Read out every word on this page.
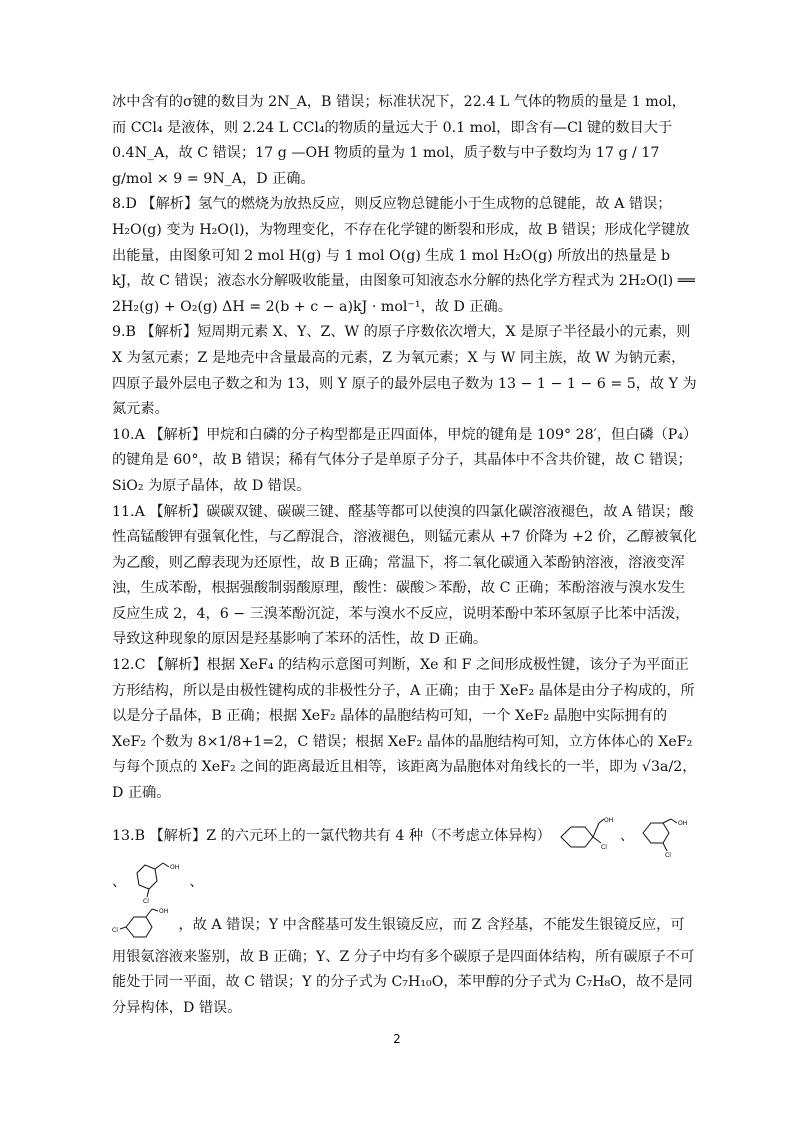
冰中含有的σ键的数目为 2N_A，B 错误；标准状况下，22.4 L 气体的物质的量是 1 mol，而 CCl₄ 是液体，则 2.24 L CCl₄的物质的量远大于 0.1 mol，即含有—Cl 键的数目大于 0.4N_A，故 C 错误；17 g —OH 物质的量为 1 mol，质子数与中子数均为 17 g / 17 g/mol × 9 = 9N_A，D 正确。

8.D 【解析】氢气的燃烧为放热反应，则反应物总键能小于生成物的总键能，故 A 错误；H₂O(g) 变为 H₂O(l)，为物理变化，不存在化学键的断裂和形成，故 B 错误；形成化学键放出能量，由图象可知 2 mol H(g) 与 1 mol O(g) 生成 1 mol H₂O(g) 所放出的热量是 b kJ，故 C 错误；液态水分解吸收能量，由图象可知液态水分解的热化学方程式为 2H₂O(l) ══ 2H₂(g) + O₂(g) ΔH = 2(b + c − a)kJ · mol⁻¹，故 D 正确。

9.B 【解析】短周期元素 X、Y、Z、W 的原子序数依次增大，X 是原子半径最小的元素，则 X 为氢元素；Z 是地壳中含量最高的元素，Z 为氧元素；X 与 W 同主族，故 W 为钠元素，四原子最外层电子数之和为 13，则 Y 原子的最外层电子数为 13 − 1 − 1 − 6 = 5，故 Y 为氮元素。

10.A 【解析】甲烷和白磷的分子构型都是正四面体，甲烷的键角是 109° 28′，但白磷（P₄）的键角是 60°，故 B 错误；稀有气体分子是单原子分子，其晶体中不含共价键，故 C 错误；SiO₂ 为原子晶体，故 D 错误。

11.A 【解析】碳碳双键、碳碳三键、醛基等都可以使溴的四氯化碳溶液褪色，故 A 错误；酸性高锰酸钾有强氧化性，与乙醇混合，溶液褪色，则锰元素从 +7 价降为 +2 价，乙醇被氧化为乙酸，则乙醇表现为还原性，故 B 正确；常温下，将二氧化碳通入苯酚钠溶液，溶液变浑浊，生成苯酚，根据强酸制弱酸原理，酸性：碳酸＞苯酚，故 C 正确；苯酚溶液与溴水发生反应生成 2，4，6 − 三溴苯酚沉淀，苯与溴水不反应，说明苯酚中苯环氢原子比苯中活泼，导致这种现象的原因是羟基影响了苯环的活性，故 D 正确。

12.C 【解析】根据 XeF₄ 的结构示意图可判断，Xe 和 F 之间形成极性键，该分子为平面正方形结构，所以是由极性键构成的非极性分子，A 正确；由于 XeF₂ 晶体是由分子构成的，所以是分子晶体，B 正确；根据 XeF₂ 晶体的晶胞结构可知，一个 XeF₂ 晶胞中实际拥有的 XeF₂ 个数为 8×1/8+1=2，C 错误；根据 XeF₂ 晶体的晶胞结构可知，立方体体心的 XeF₂ 与每个顶点的 XeF₂ 之间的距离最近且相等，该距离为晶胞体对角线长的一半，即为 √3a/2，D 正确。

13.B 【解析】Z 的六元环上的一氯代物共有 4 种（不考虑立体异构）
OH
Cl
、
OH
Cl
、
OH
Cl
、

OH
Cl	，故 A 错误；Y 中含醛基可发生银镜反应，而 Z 含羟基，不能发生银镜反应，可用银氨溶液来鉴别，故 B 正确；Y、Z 分子中均有多个碳原子是四面体结构，所有碳原子不可能处于同一平面，故 C 错误；Y 的分子式为 C₇H₁₀O，苯甲醇的分子式为 C₇H₈O，故不是同分异构体，D 错误。

2
